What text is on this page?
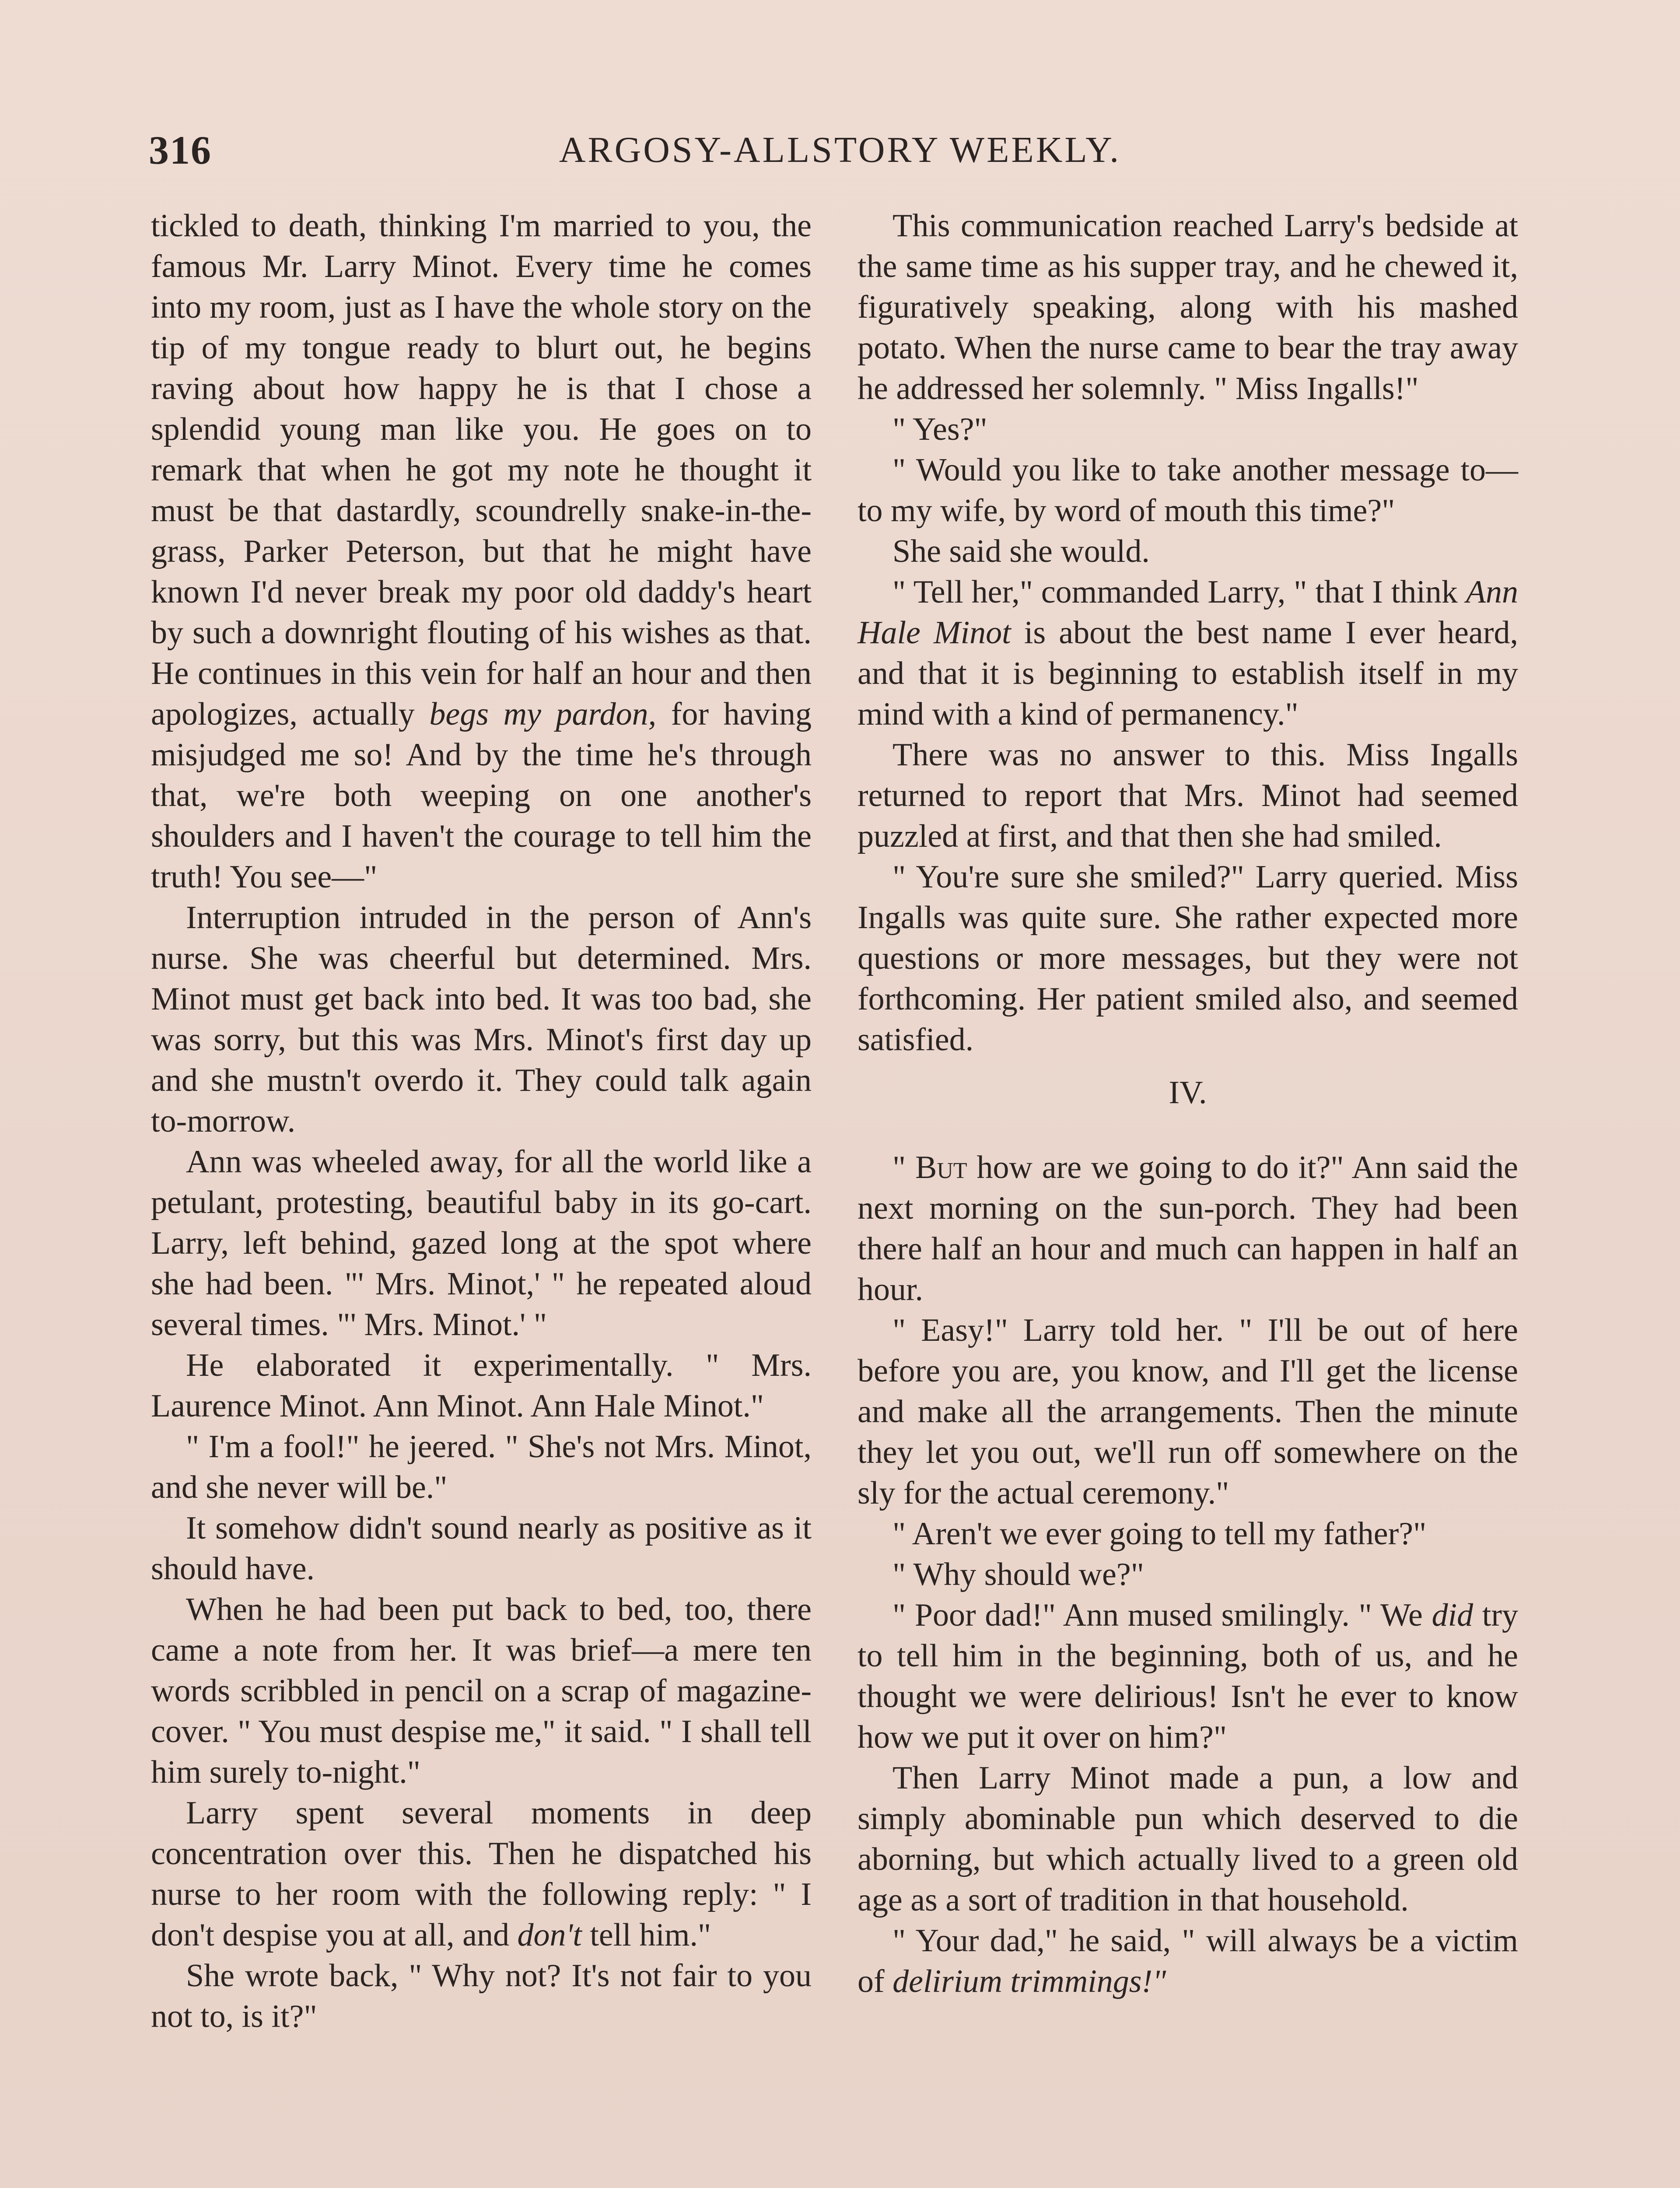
316	ARGOSY-ALLSTORY WEEKLY.

tickled to death, thinking I'm married to you, the famous Mr. Larry Minot. Every time he comes into my room, just as I have the whole story on the tip of my tongue ready to blurt out, he begins raving about how happy he is that I chose a splendid young man like you. He goes on to remark that when he got my note he thought it must be that dastardly, scoundrelly snake-in-the-grass, Parker Peterson, but that he might have known I'd never break my poor old daddy's heart by such a downright flouting of his wishes as that. He continues in this vein for half an hour and then apologizes, actually begs my pardon, for having misjudged me so! And by the time he's through that, we're both weeping on one another's shoulders and I haven't the courage to tell him the truth! You see—"

Interruption intruded in the person of Ann's nurse. She was cheerful but determined. Mrs. Minot must get back into bed. It was too bad, she was sorry, but this was Mrs. Minot's first day up and she mustn't overdo it. They could talk again to-morrow.

Ann was wheeled away, for all the world like a petulant, protesting, beautiful baby in its go-cart. Larry, left behind, gazed long at the spot where she had been. "' Mrs. Minot,' " he repeated aloud several times. "' Mrs. Minot.' "

He elaborated it experimentally. " Mrs. Laurence Minot. Ann Minot. Ann Hale Minot."

" I'm a fool!" he jeered. " She's not Mrs. Minot, and she never will be."

It somehow didn't sound nearly as positive as it should have.

When he had been put back to bed, too, there came a note from her. It was brief—a mere ten words scribbled in pencil on a scrap of magazine-cover. " You must despise me," it said. " I shall tell him surely to-night."

Larry spent several moments in deep concentration over this. Then he dispatched his nurse to her room with the following reply: " I don't despise you at all, and don't tell him."

She wrote back, " Why not? It's not fair to you not to, is it?"

This communication reached Larry's bedside at the same time as his supper tray, and he chewed it, figuratively speaking, along with his mashed potato. When the nurse came to bear the tray away he addressed her solemnly. " Miss Ingalls!"

" Yes?"

" Would you like to take another message to—to my wife, by word of mouth this time?"

She said she would.

" Tell her," commanded Larry, " that I think Ann Hale Minot is about the best name I ever heard, and that it is beginning to establish itself in my mind with a kind of permanency."

There was no answer to this. Miss Ingalls returned to report that Mrs. Minot had seemed puzzled at first, and that then she had smiled.

" You're sure she smiled?" Larry queried. Miss Ingalls was quite sure. She rather expected more questions or more messages, but they were not forthcoming. Her patient smiled also, and seemed satisfied.

IV.

" But how are we going to do it?" Ann said the next morning on the sun-porch. They had been there half an hour and much can happen in half an hour.

" Easy!" Larry told her. " I'll be out of here before you are, you know, and I'll get the license and make all the arrangements. Then the minute they let you out, we'll run off somewhere on the sly for the actual ceremony."

" Aren't we ever going to tell my father?"

" Why should we?"

" Poor dad!" Ann mused smilingly. " We did try to tell him in the beginning, both of us, and he thought we were delirious! Isn't he ever to know how we put it over on him?"

Then Larry Minot made a pun, a low and simply abominable pun which deserved to die aborning, but which actually lived to a green old age as a sort of tradition in that household.

" Your dad," he said, " will always be a victim of delirium trimmings!"
